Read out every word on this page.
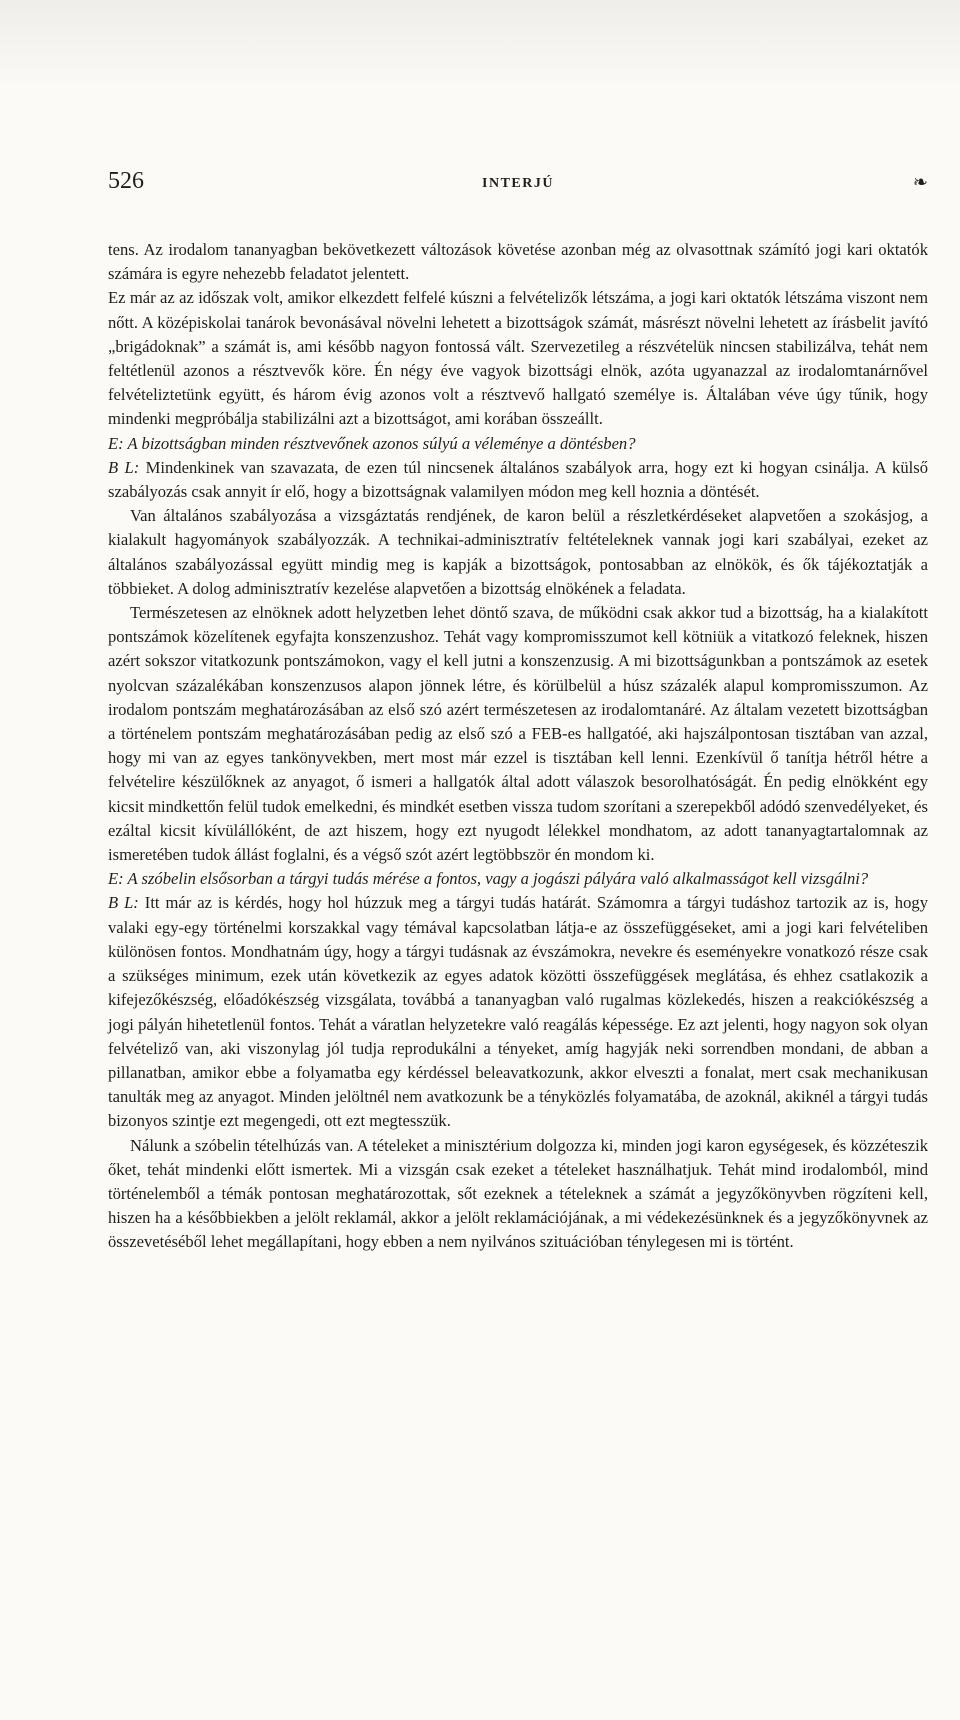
526	INTERJÚ	❧

tens. Az irodalom tananyagban bekövetkezett változások követése azonban még az olvasottnak számító jogi kari oktatók számára is egyre nehezebb feladatot jelentett.

Ez már az az időszak volt, amikor elkezdett felfelé kúszni a felvételizők létszáma, a jogi kari oktatók létszáma viszont nem nőtt. A középiskolai tanárok bevonásával növelni lehetett a bizottságok számát, másrészt növelni lehetett az írásbelit javító „brigádoknak” a számát is, ami később nagyon fontossá vált. Szervezetileg a részvételük nincsen stabilizálva, tehát nem feltétlenül azonos a résztvevők köre. Én négy éve vagyok bizottsági elnök, azóta ugyanazzal az irodalomtanárnővel felvételiztetünk együtt, és három évig azonos volt a résztvevő hallgató személye is. Általában véve úgy tűnik, hogy mindenki megpróbálja stabilizálni azt a bizottságot, ami korában összeállt.

E: A bizottságban minden résztvevőnek azonos súlyú a véleménye a döntésben?

B L: Mindenkinek van szavazata, de ezen túl nincsenek általános szabályok arra, hogy ezt ki hogyan csinálja. A külső szabályozás csak annyit ír elő, hogy a bizottságnak valamilyen módon meg kell hoznia a döntését.

Van általános szabályozása a vizsgáztatás rendjének, de karon belül a részletkérdéseket alapvetően a szokásjog, a kialakult hagyományok szabályozzák. A technikai-adminisztratív feltételeknek vannak jogi kari szabályai, ezeket az általános szabályozással együtt mindig meg is kapják a bizottságok, pontosabban az elnökök, és ők tájékoztatják a többieket. A dolog adminisztratív kezelése alapvetően a bizottság elnökének a feladata.

Természetesen az elnöknek adott helyzetben lehet döntő szava, de működni csak akkor tud a bizottság, ha a kialakított pontszámok közelítenek egyfajta konszenzushoz. Tehát vagy kompromisszumot kell kötniük a vitatkozó feleknek, hiszen azért sokszor vitatkozunk pontszámokon, vagy el kell jutni a konszenzusig. A mi bizottságunkban a pontszámok az esetek nyolcvan százalékában konszenzusos alapon jönnek létre, és körülbelül a húsz százalék alapul kompromisszumon. Az irodalom pontszám meghatározásában az első szó azért természetesen az irodalomtanáré. Az általam vezetett bizottságban a történelem pontszám meghatározásában pedig az első szó a FEB-es hallgatóé, aki hajszálpontosan tisztában van azzal, hogy mi van az egyes tankönyvekben, mert most már ezzel is tisztában kell lenni. Ezenkívül ő tanítja hétről hétre a felvételire készülőknek az anyagot, ő ismeri a hallgatók által adott válaszok besorolhatóságát. Én pedig elnökként egy kicsit mindkettőn felül tudok emelkedni, és mindkét esetben vissza tudom szorítani a szerepekből adódó szenvedélyeket, és ezáltal kicsit kívülállóként, de azt hiszem, hogy ezt nyugodt lélekkel mondhatom, az adott tananyagtartalomnak az ismeretében tudok állást foglalni, és a végső szót azért legtöbbször én mondom ki.

E: A szóbelin elsősorban a tárgyi tudás mérése a fontos, vagy a jogászi pályára való alkalmasságot kell vizsgálni?

B L: Itt már az is kérdés, hogy hol húzzuk meg a tárgyi tudás határát. Számomra a tárgyi tudáshoz tartozik az is, hogy valaki egy-egy történelmi korszakkal vagy témával kapcsolatban látja-e az összefüggéseket, ami a jogi kari felvételiben különösen fontos. Mondhatnám úgy, hogy a tárgyi tudásnak az évszámokra, nevekre és eseményekre vonatkozó része csak a szükséges minimum, ezek után következik az egyes adatok közötti összefüggések meglátása, és ehhez csatlakozik a kifejezőkészség, előadókészség vizsgálata, továbbá a tananyagban való rugalmas közlekedés, hiszen a reakciókészség a jogi pályán hihetetlenül fontos. Tehát a váratlan helyzetekre való reagálás képessége. Ez azt jelenti, hogy nagyon sok olyan felvételiző van, aki viszonylag jól tudja reprodukálni a tényeket, amíg hagyják neki sorrendben mondani, de abban a pillanatban, amikor ebbe a folyamatba egy kérdéssel beleavatkozunk, akkor elveszti a fonalat, mert csak mechanikusan tanulták meg az anyagot. Minden jelöltnél nem avatkozunk be a tényközlés folyamatába, de azoknál, akiknél a tárgyi tudás bizonyos szintje ezt megengedi, ott ezt megtesszük.

Nálunk a szóbelin tételhúzás van. A tételeket a minisztérium dolgozza ki, minden jogi karon egységesek, és közzéteszik őket, tehát mindenki előtt ismertek. Mi a vizsgán csak ezeket a tételeket használhatjuk. Tehát mind irodalomból, mind történelemből a témák pontosan meghatározottak, sőt ezeknek a tételeknek a számát a jegyzőkönyvben rögzíteni kell, hiszen ha a későbbiekben a jelölt reklamál, akkor a jelölt reklamációjának, a mi védekezésünknek és a jegyzőkönyvnek az összevetéséből lehet megállapítani, hogy ebben a nem nyilvános szituációban ténylegesen mi is történt.
